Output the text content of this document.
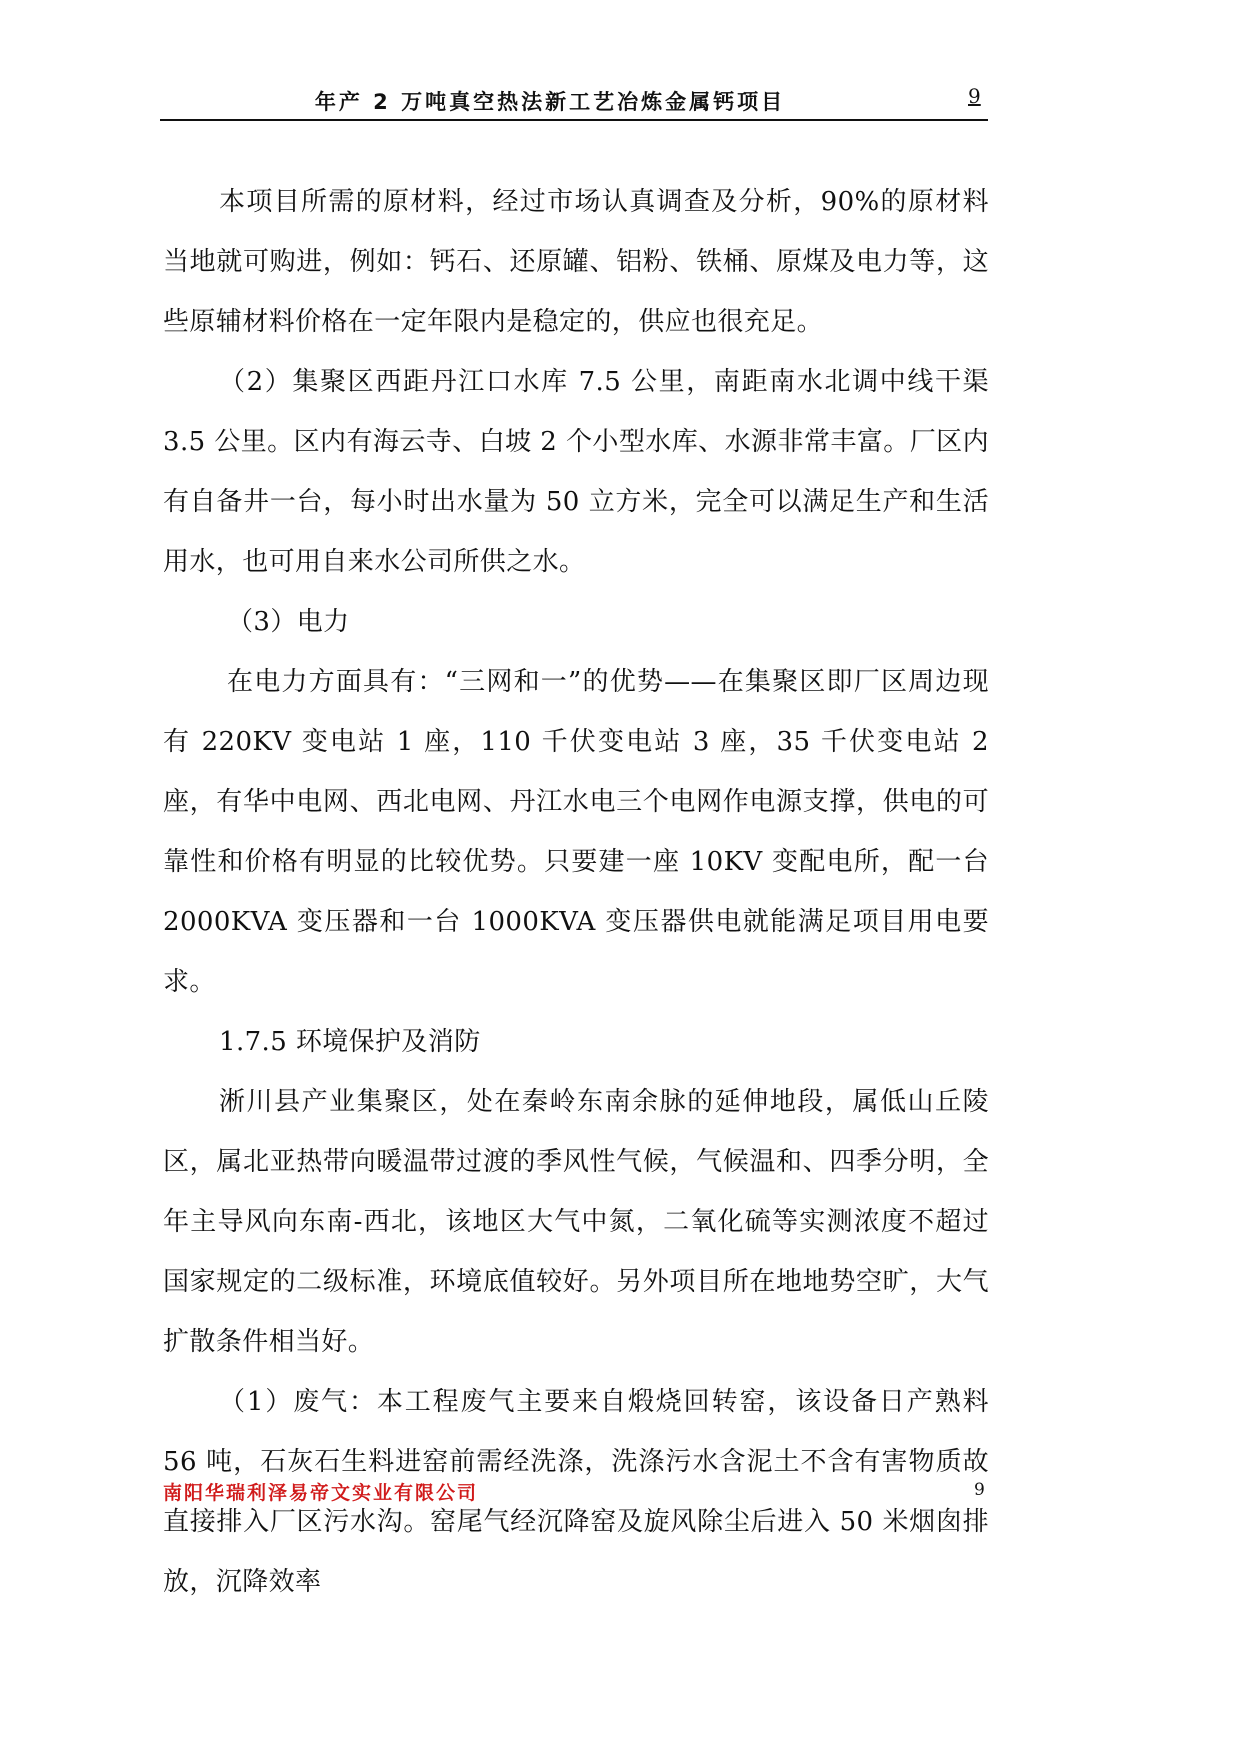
年产 2 万吨真空热法新工艺冶炼金属钙项目	9

本项目所需的原材料，经过市场认真调查及分析，90%的原材料当地就可购进，例如：钙石、还原罐、铝粉、铁桶、原煤及电力等，这些原辅材料价格在一定年限内是稳定的，供应也很充足。

（2）集聚区西距丹江口水库 7.5 公里，南距南水北调中线干渠 3.5 公里。区内有海云寺、白坡 2 个小型水库、水源非常丰富。厂区内有自备井一台，每小时出水量为 50 立方米，完全可以满足生产和生活用水，也可用自来水公司所供之水。

（3）电力

在电力方面具有：“三网和一”的优势——在集聚区即厂区周边现有 220KV 变电站 1 座，110 千伏变电站 3 座，35 千伏变电站 2 座，有华中电网、西北电网、丹江水电三个电网作电源支撑，供电的可靠性和价格有明显的比较优势。只要建一座 10KV 变配电所，配一台 2000KVA 变压器和一台 1000KVA 变压器供电就能满足项目用电要求。

1.7.5 环境保护及消防

淅川县产业集聚区，处在秦岭东南余脉的延伸地段，属低山丘陵区，属北亚热带向暖温带过渡的季风性气候，气候温和、四季分明，全年主导风向东南-西北，该地区大气中氮，二氧化硫等实测浓度不超过国家规定的二级标准，环境底值较好。另外项目所在地地势空旷，大气扩散条件相当好。

（1）废气：本工程废气主要来自煅烧回转窑，该设备日产熟料 56 吨，石灰石生料进窑前需经洗涤，洗涤污水含泥土不含有害物质故直接排入厂区污水沟。窑尾气经沉降窑及旋风除尘后进入 50 米烟囱排放，沉降效率

南阳华瑞利泽易帝文实业有限公司	9
